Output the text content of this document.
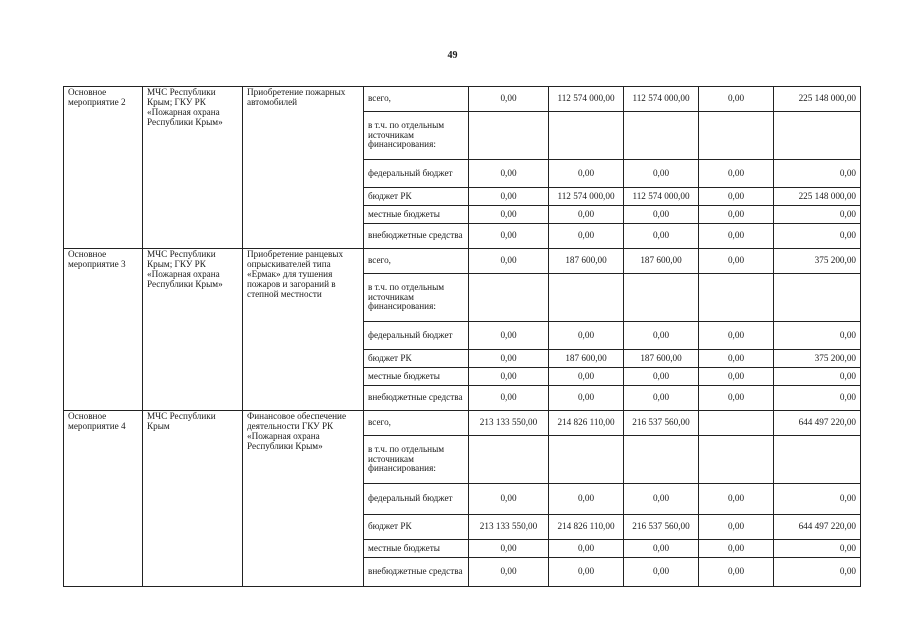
49
Основное мероприятие 2	МЧС Республики Крым; ГКУ РК «Пожарная охрана Республики Крым»	Приобретение пожарных автомобилей	всего,	0,00	112 574 000,00	112 574 000,00	0,00	225 148 000,00
			в т.ч. по отдельным источникам финансирования:					
			федеральный бюджет	0,00	0,00	0,00	0,00	0,00
			бюджет РК	0,00	112 574 000,00	112 574 000,00	0,00	225 148 000,00
			местные бюджеты	0,00	0,00	0,00	0,00	0,00
			внебюджетные средства	0,00	0,00	0,00	0,00	0,00
Основное мероприятие 3	МЧС Республики Крым; ГКУ РК «Пожарная охрана Республики Крым»	Приобретение ранцевых опрыскивателей типа «Ермак» для тушения пожаров и загораний в степной местности	всего,	0,00	187 600,00	187 600,00	0,00	375 200,00
			в т.ч. по отдельным источникам финансирования:					
			федеральный бюджет	0,00	0,00	0,00	0,00	0,00
			бюджет РК	0,00	187 600,00	187 600,00	0,00	375 200,00
			местные бюджеты	0,00	0,00	0,00	0,00	0,00
			внебюджетные средства	0,00	0,00	0,00	0,00	0,00
Основное мероприятие 4	МЧС Республики Крым	Финансовое обеспечение деятельности ГКУ РК «Пожарная охрана Республики Крым»	всего,	213 133 550,00	214 826 110,00	216 537 560,00		644 497 220,00
			в т.ч. по отдельным источникам финансирования:					
			федеральный бюджет	0,00	0,00	0,00	0,00	0,00
			бюджет РК	213 133 550,00	214 826 110,00	216 537 560,00	0,00	644 497 220,00
			местные бюджеты	0,00	0,00	0,00	0,00	0,00
			внебюджетные средства	0,00	0,00	0,00	0,00	0,00
